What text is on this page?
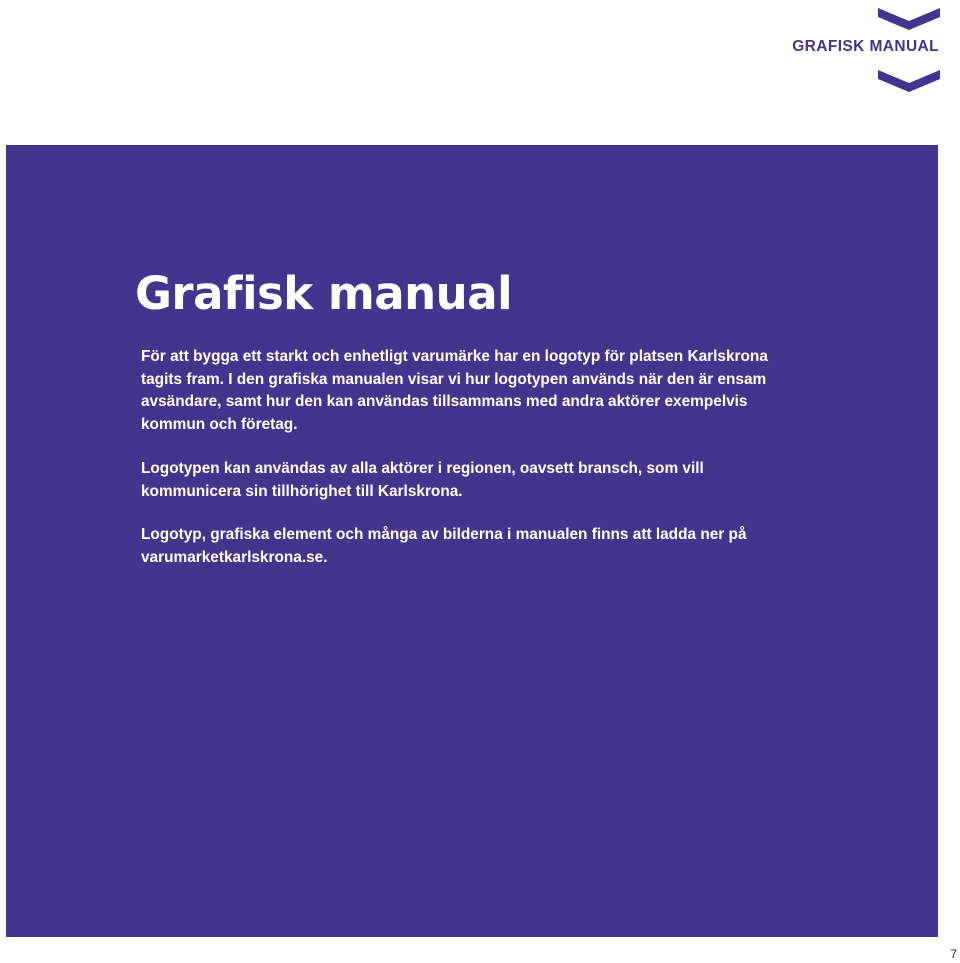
GRAFISK MANUAL
Grafisk manual

För att bygga ett starkt och enhetligt varumärke har en logotyp för platsen Karlskrona tagits fram. I den grafiska manualen visar vi hur logotypen används när den är ensam avsändare, samt hur den kan användas tillsammans med andra aktörer exempelvis kommun och företag.

Logotypen kan användas av alla aktörer i regionen, oavsett bransch, som vill kommunicera sin tillhörighet till Karlskrona.

Logotyp, grafiska element och många av bilderna i manualen finns att ladda ner på varumarketkarlskrona.se.

7
